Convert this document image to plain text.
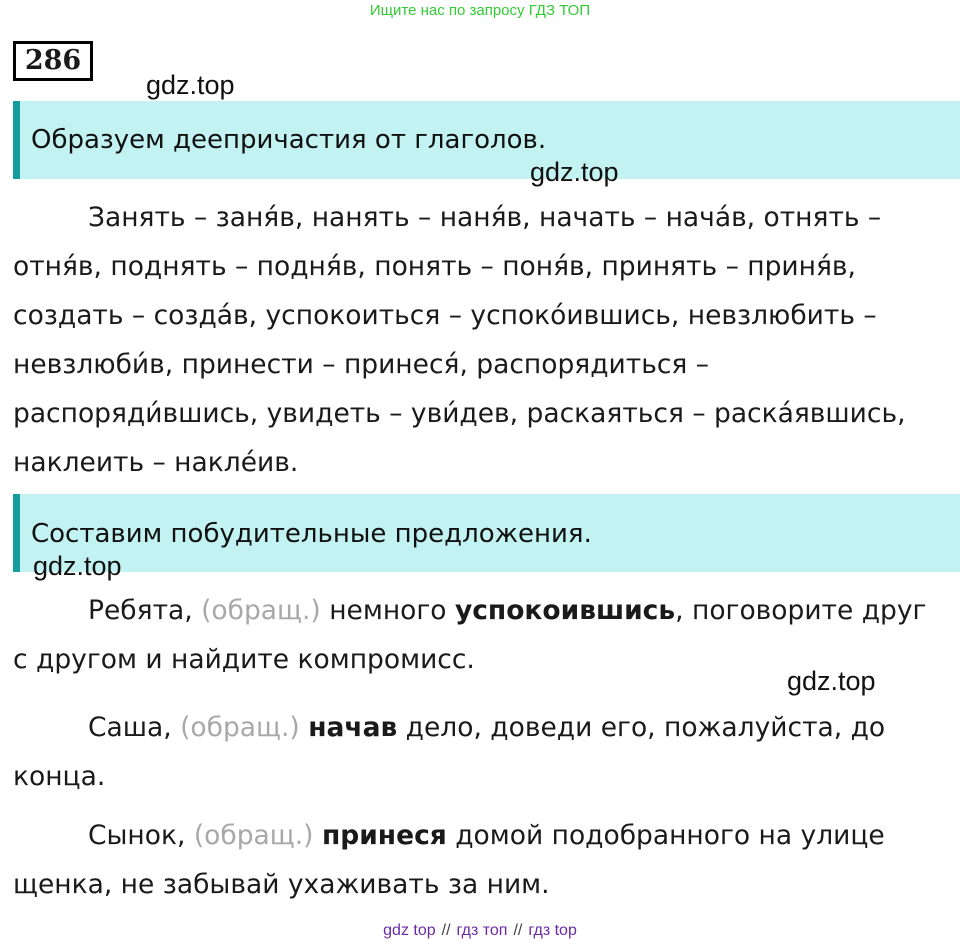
Ищите нас по запросу ГДЗ ТОП
286
gdz.top
Образуем деепричастия от глаголов.
gdz.top

Занять – заня́в, нанять – наня́в, начать – нача́в, отнять – отня́в, поднять – подня́в, понять – поня́в, принять – приня́в, создать – созда́в, успокоиться – успоко́ившись, невзлюбить – невзлюби́в, принести – принеся́, распорядиться – распоряди́вшись, увидеть – уви́дев, раскаяться – раска́явшись, наклеить – накле́ив.

Составим побудительные предложения.
gdz.top

Ребята, (обращ.) немного успокоившись, поговорите друг с другом и найдите компромисс.

gdz.top

Саша, (обращ.) начав дело, доведи его, пожалуйста, до конца.

Сынок, (обращ.) принеся домой подобранного на улице щенка, не забывай ухаживать за ним.

gdz top // гдз топ // гдз top
